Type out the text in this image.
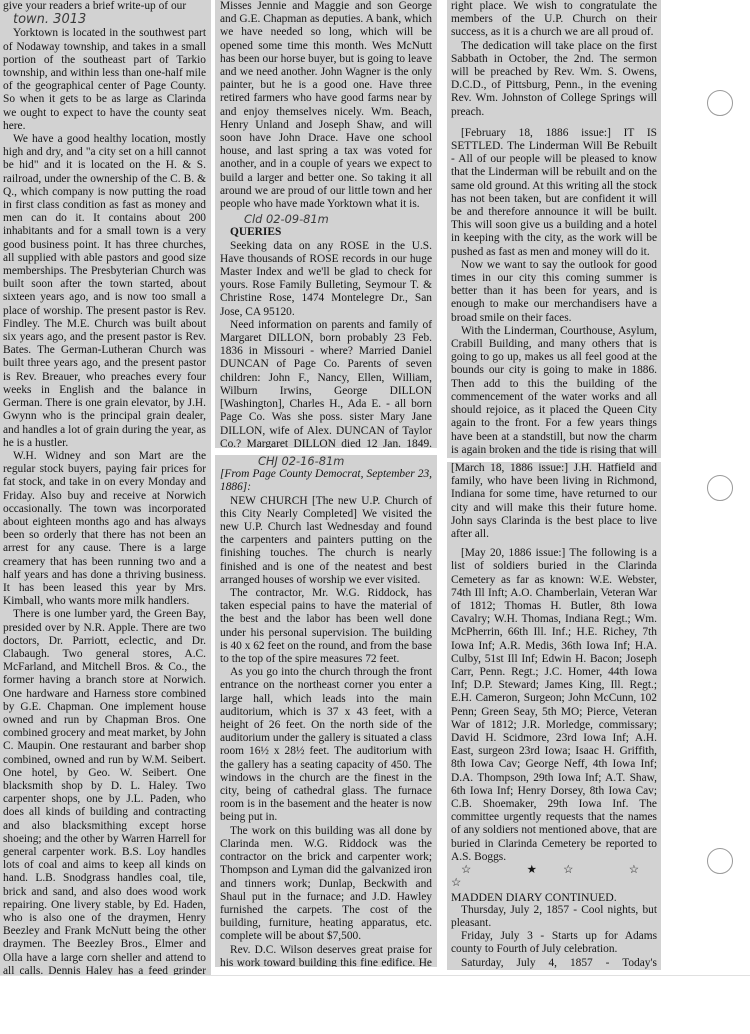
give your readers a brief write-up of our

town. 3013

Yorktown is located in the southwest part of Nodaway township, and takes in a small portion of the southeast part of Tarkio township, and within less than one-half mile of the geographical center of Page County. So when it gets to be as large as Clarinda we ought to expect to have the county seat here.

We have a good healthy location, mostly high and dry, and "a city set on a hill cannot be hid" and it is located on the H. & S. railroad, under the ownership of the C. B. & Q., which company is now putting the road in first class condition as fast as money and men can do it. It contains about 200 inhabitants and for a small town is a very good business point. It has three churches, all supplied with able pastors and good size memberships. The Presbyterian Church was built soon after the town started, about sixteen years ago, and is now too small a place of worship. The present pastor is Rev. Findley. The M.E. Church was built about six years ago, and the present pastor is Rev. Bates. The German-Lutheran Church was built three years ago, and the present pastor is Rev. Breauer, who preaches every four weeks in English and the balance in German. There is one grain elevator, by J.H. Gwynn who is the principal grain dealer, and handles a lot of grain during the year, as he is a hustler.

W.H. Widney and son Mart are the regular stock buyers, paying fair prices for fat stock, and take in on every Monday and Friday. Also buy and receive at Norwich occasionally. The town was incorporated about eighteen months ago and has always been so orderly that there has not been an arrest for any cause. There is a large creamery that has been running two and a half years and has done a thriving business. It has been leased this year by Mrs. Kimball, who wants more milk handlers.

There is one lumber yard, the Green Bay, presided over by N.R. Apple. There are two doctors, Dr. Parriott, eclectic, and Dr. Clabaugh. Two general stores, A.C. McFarland, and Mitchell Bros. & Co., the former having a branch store at Norwich. One hardware and Harness store combined by G.E. Chapman. One implement house owned and run by Chapman Bros. One combined grocery and meat market, by John C. Maupin. One restaurant and barber shop combined, owned and run by W.M. Seibert. One hotel, by Geo. W. Seibert. One blacksmith shop by D. L. Haley. Two carpenter shops, one by J.L. Paden, who does all kinds of building and contracting and also blacksmithing except horse shoeing; and the other by Warren Harrell for general carpenter work. B.S. Loy handles lots of coal and aims to keep all kinds on hand. L.B. Snodgrass handles coal, tile, brick and sand, and also does wood work repairing. One livery stable, by Ed. Haden, who is also one of the draymen, Henry Beezley and Frank McNutt being the other draymen. The Beezley Bros., Elmer and Olla have a large corn sheller and attend to all calls. Dennis Haley has a feed grinder

Misses Jennie and Maggie and son George and G.E. Chapman as deputies. A bank, which we have needed so long, which will be opened some time this month. Wes McNutt has been our horse buyer, but is going to leave and we need another. John Wagner is the only painter, but he is a good one. Have three retired farmers who have good farms near by and enjoy themselves nicely. Wm. Beach, Henry Unland and Joseph Shaw, and will soon have John Drace. Have one school house, and last spring a tax was voted for another, and in a couple of years we expect to build a larger and better one. So taking it all around we are proud of our little town and her people who have made Yorktown what it is.

Cld 02-09-81m

QUERIES

Seeking data on any ROSE in the U.S. Have thousands of ROSE records in our huge Master Index and we'll be glad to check for yours. Rose Family Bulleting, Seymour T. & Christine Rose, 1474 Montelegre Dr., San Jose, CA 95120.

Need information on parents and family of Margaret DILLON, born probably 23 Feb. 1836 in Missouri - where? Married Daniel DUNCAN of Page Co. Parents of seven children: John F., Nancy, Ellen, William, Wilburn Irwins, George DILLON [Washington], Charles H., Ada E. - all born Page Co. Was she poss. sister Mary Jane DILLON, wife of Alex. DUNCAN of Taylor Co.? Margaret DILLON died 12 Jan. 1849.

CHJ 02-16-81m

[From Page County Democrat, September 23, 1886]:

NEW CHURCH [The new U.P. Church of this City Nearly Completed] We visited the new U.P. Church last Wednesday and found the carpenters and painters putting on the finishing touches. The church is nearly finished and is one of the neatest and best arranged houses of worship we ever visited.

The contractor, Mr. W.G. Riddock, has taken especial pains to have the material of the best and the labor has been well done under his personal supervision. The building is 40 x 62 feet on the round, and from the base to the top of the spire measures 72 feet.

As you go into the church through the front entrance on the northeast corner you enter a large hall, which leads into the main auditorium, which is 37 x 43 feet, with a height of 26 feet. On the north side of the auditorium under the gallery is situated a class room 16½ x 28½ feet. The auditorium with the gallery has a seating capacity of 450. The windows in the church are the finest in the city, being of cathedral glass. The furnace room is in the basement and the heater is now being put in.

The work on this building was all done by Clarinda men. W.G. Riddock was the contractor on the brick and carpenter work; Thompson and Lyman did the galvanized iron and tinners work; Dunlap, Beckwith and Shaul put in the furnace; and J.D. Hawley furnished the carpets. The cost of the building, furniture, heating apparatus, etc. complete will be about $7,500.

Rev. D.C. Wilson deserves great praise for his work toward building this fine edifice. He

right place. We wish to congratulate the members of the U.P. Church on their success, as it is a church we are all proud of.

The dedication will take place on the first Sabbath in October, the 2nd. The sermon will be preached by Rev. Wm. S. Owens, D.C.D., of Pittsburg, Penn., in the evening Rev. Wm. Johnston of College Springs will preach.

[February 18, 1886 issue:] IT IS SETTLED. The Linderman Will Be Rebuilt - All of our people will be pleased to know that the Linderman will be rebuilt and on the same old ground. At this writing all the stock has not been taken, but are confident it will be and therefore announce it will be built. This will soon give us a building and a hotel in keeping with the city, as the work will be pushed as fast as men and money will do it.

Now we want to say the outlook for good times in our city this coming summer is better than it has been for years, and is enough to make our merchandisers have a broad smile on their faces.

With the Linderman, Courthouse, Asylum, Crabill Building, and many others that is going to go up, makes us all feel good at the bounds our city is going to make in 1886. Then add to this the building of the commencement of the water works and all should rejoice, as it placed the Queen City again to the front. For a few years things have been at a standstill, but now the charm is again broken and the tide is rising that will

[March 18, 1886 issue:] J.H. Hatfield and family, who have been living in Richmond, Indiana for some time, have returned to our city and will make this their future home. John says Clarinda is the best place to live after all.

[May 20, 1886 issue:] The following is a list of soldiers buried in the Clarinda Cemetery as far as known: W.E. Webster, 74th Ill Inft; A.O. Chamberlain, Veteran War of 1812; Thomas H. Butler, 8th Iowa Cavalry; W.H. Thomas, Indiana Regt.; Wm. McPherrin, 66th Ill. Inf.; H.E. Richey, 7th Iowa Inf; A.R. Medis, 36th Iowa Inf; H.A. Culby, 51st Ill Inf; Edwin H. Bacon; Joseph Carr, Penn. Regt.; J.C. Homer, 44th Iowa Inf; D.P. Steward; James King, Ill. Regt.; E.H. Cameron, Surgeon; John McCunn, 102 Penn; Green Seay, 5th MO; Pierce, Veteran War of 1812; J.R. Morledge, commissary; David H. Scidmore, 23rd Iowa Inf; A.H. East, surgeon 23rd Iowa; Isaac H. Griffith, 8th Iowa Cav; George Neff, 4th Iowa Inf; D.A. Thompson, 29th Iowa Inf; A.T. Shaw, 6th Iowa Inf; Henry Dorsey, 8th Iowa Cav; C.B. Shoemaker, 29th Iowa Inf. The committee urgently requests that the names of any soldiers not mentioned above, that are buried in Clarinda Cemetery be reported to A.S. Boggs.

☆ ★☆ ☆ ☆

MADDEN DIARY CONTINUED.

Thursday, July 2, 1857 - Cool nights, but pleasant.

Friday, July 3 - Starts up for Adams county to Fourth of July celebration.

Saturday, July 4, 1857 - Today's
